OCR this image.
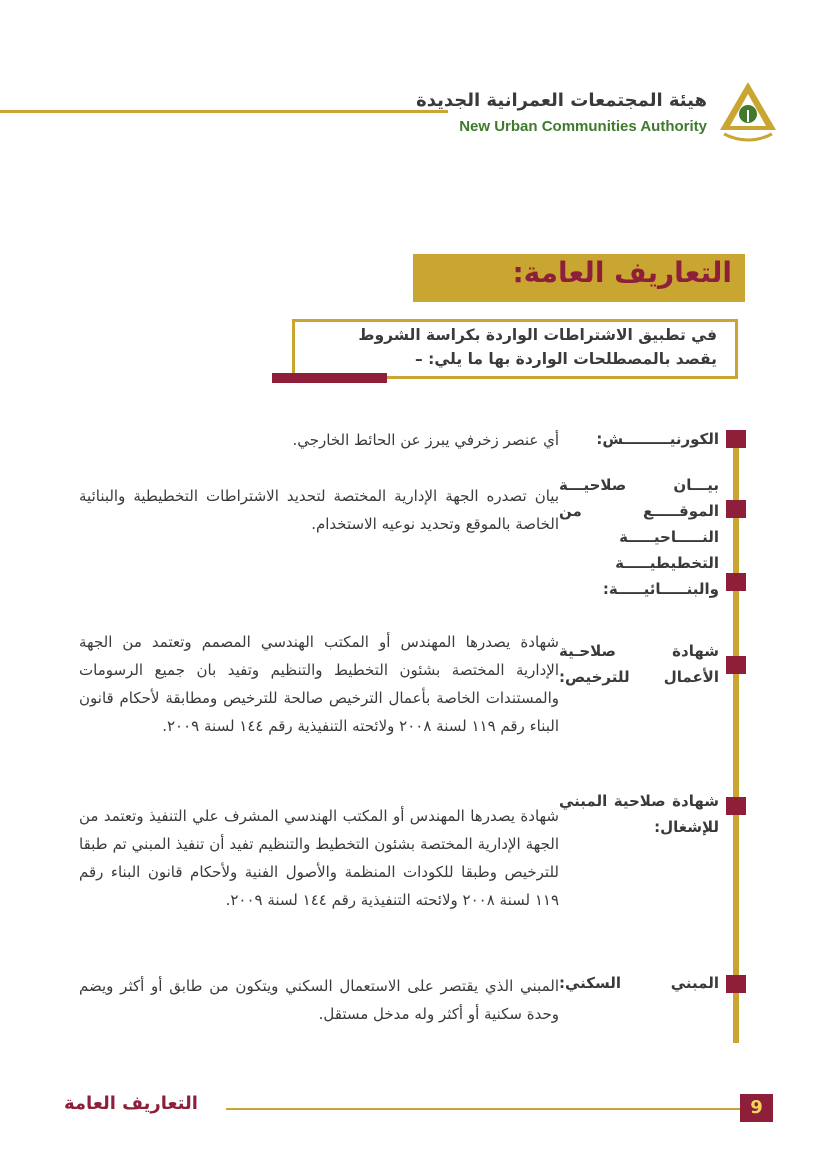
هيئة المجتمعات العمرانية الجديدة
New Urban Communities Authority
التعاريف العامة:
في تطبيق الاشتراطات الواردة بكراسة الشروط
يقصد بالمصطلحات الواردة بها ما يلي: –
الكورنيـــــــــش:
أي عنصر زخرفي يبرز عن الحائط الخارجي.
بيـــان صلاحيـــة الموقـــــع من النـــــاحيـــــة التخطيطيـــــة والبنـــــائيـــــة:
بيان تصدره الجهة الإدارية المختصة لتحديد الاشتراطات التخطيطية والبنائية الخاصة بالموقع وتحديد نوعيه الاستخدام.
شهادة صلاحـية الأعمال للترخيص:
شهادة يصدرها المهندس أو المكتب الهندسي المصمم وتعتمد من الجهة الإدارية المختصة بشئون التخطيط والتنظيم وتفيد بان جميع الرسومات والمستندات الخاصة بأعمال الترخيص صالحة للترخيص ومطابقة لأحكام قانون البناء رقم ١١٩ لسنة ٢٠٠٨ ولائحته التنفيذية رقم ١٤٤ لسنة ٢٠٠٩.
شهادة صلاحية المبني للإشغال:
شهادة يصدرها المهندس أو المكتب الهندسي المشرف علي التنفيذ وتعتمد من الجهة الإدارية المختصة بشئون التخطيط والتنظيم تفيد أن تنفيذ المبني تم طبقا للترخيص وطبقا للكودات المنظمة والأصول الفنية ولأحكام قانون البناء رقم ١١٩ لسنة ٢٠٠٨ ولائحته التنفيذية رقم ١٤٤ لسنة ٢٠٠٩.
المبني السكني:
المبني الذي يقتصر على الاستعمال السكني ويتكون من طابق أو أكثر ويضم وحدة سكنية أو أكثر وله مدخل مستقل.
التعاريف العامة	9
